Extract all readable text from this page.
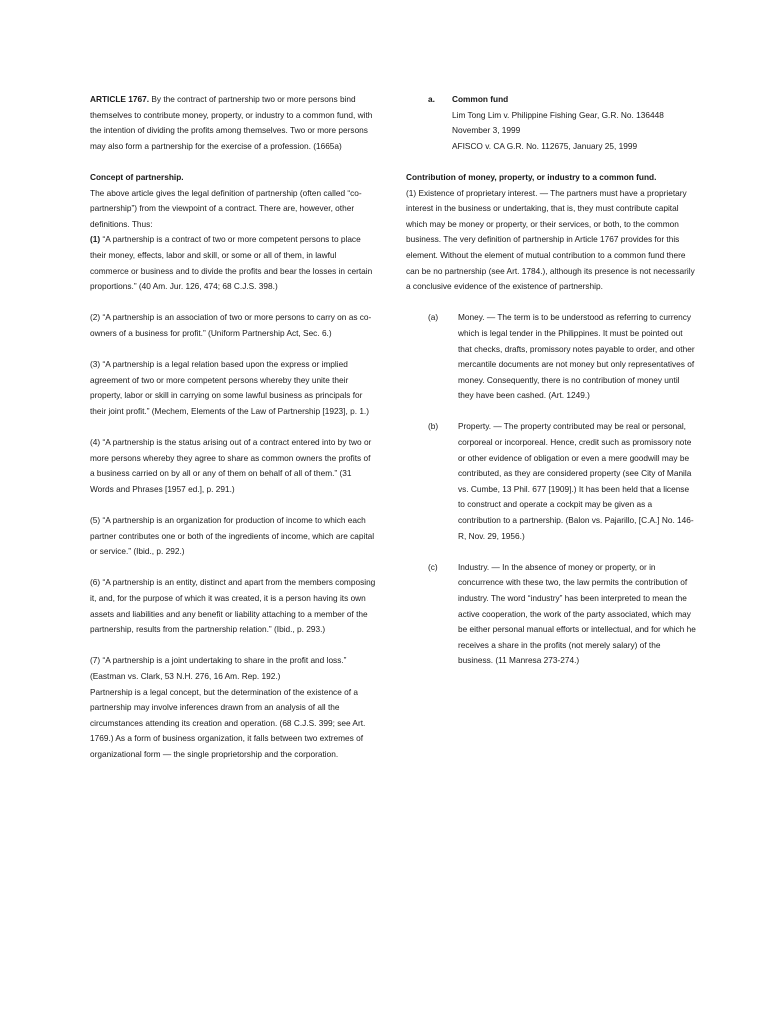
ARTICLE 1767. By the contract of partnership two or more persons bind themselves to contribute money, property, or industry to a common fund, with the intention of dividing the profits among themselves. Two or more persons may also form a partnership for the exercise of a profession. (1665a)

Concept of partnership.

The above article gives the legal definition of partnership (often called “co-partnership”) from the viewpoint of a contract. There are, however, other definitions. Thus:

(1) “A partnership is a contract of two or more competent persons to place their money, effects, labor and skill, or some or all of them, in lawful commerce or business and to divide the profits and bear the losses in certain proportions.” (40 Am. Jur. 126, 474; 68 C.J.S. 398.)

(2) “A partnership is an association of two or more persons to carry on as co-owners of a business for profit.” (Uniform Partnership Act, Sec. 6.)

(3) “A partnership is a legal relation based upon the express or implied agreement of two or more competent persons whereby they unite their property, labor or skill in carrying on some lawful business as principals for their joint profit.” (Mechem, Elements of the Law of Partnership [1923], p. 1.)

(4) “A partnership is the status arising out of a contract entered into by two or more persons whereby they agree to share as common owners the profits of a business carried on by all or any of them on behalf of all of them.” (31 Words and Phrases [1957 ed.], p. 291.)

(5) “A partnership is an organization for production of income to which each partner contributes one or both of the ingredients of income, which are capital or service.” (Ibid., p. 292.)

(6) “A partnership is an entity, distinct and apart from the members composing it, and, for the purpose of which it was created, it is a person having its own assets and liabilities and any benefit or liability attaching to a member of the partnership, results from the partnership relation.” (Ibid., p. 293.)

(7) “A partnership is a joint undertaking to share in the profit and loss.” (Eastman vs. Clark, 53 N.H. 276, 16 Am. Rep. 192.)

Partnership is a legal concept, but the determination of the existence of a partnership may involve inferences drawn from an analysis of all the circumstances attending its creation and operation. (68 C.J.S. 399; see Art. 1769.) As a form of business organization, it falls between two extremes of organizational form — the single proprietorship and the corporation.

a.	Common fund

Lim Tong Lim v. Philippine Fishing Gear, G.R. No. 136448 November 3, 1999

AFISCO v. CA G.R. No. 112675, January 25, 1999

Contribution of money, property, or industry to a common fund.

(1) Existence of proprietary interest. — The partners must have a proprietary interest in the business or undertaking, that is, they must contribute capital which may be money or property, or their services, or both, to the common business. The very definition of partnership in Article 1767 provides for this element. Without the element of mutual contribution to a common fund there can be no partnership (see Art. 1784.), although its presence is not necessarily a conclusive evidence of the existence of partnership.

(a)	Money. — The term is to be understood as referring to currency which is legal tender in the Philippines. It must be pointed out that checks, drafts, promissory notes payable to order, and other mercantile documents are not money but only representatives of money. Consequently, there is no contribution of money until they have been cashed. (Art. 1249.)

(b)	Property. — The property contributed may be real or personal, corporeal or incorporeal. Hence, credit such as promissory note or other evidence of obligation or even a mere goodwill may be contributed, as they are considered property (see City of Manila vs. Cumbe, 13 Phil. 677 [1909].) It has been held that a license to construct and operate a cockpit may be given as a contribution to a partnership. (Balon vs. Pajarillo, [C.A.] No. 146-R, Nov. 29, 1956.)

(c)	Industry. — In the absence of money or property, or in concurrence with these two, the law permits the contribution of industry. The word “industry” has been interpreted to mean the active cooperation, the work of the party associated, which may be either personal manual efforts or intellectual, and for which he receives a share in the profits (not merely salary) of the business. (11 Manresa 273-274.)
